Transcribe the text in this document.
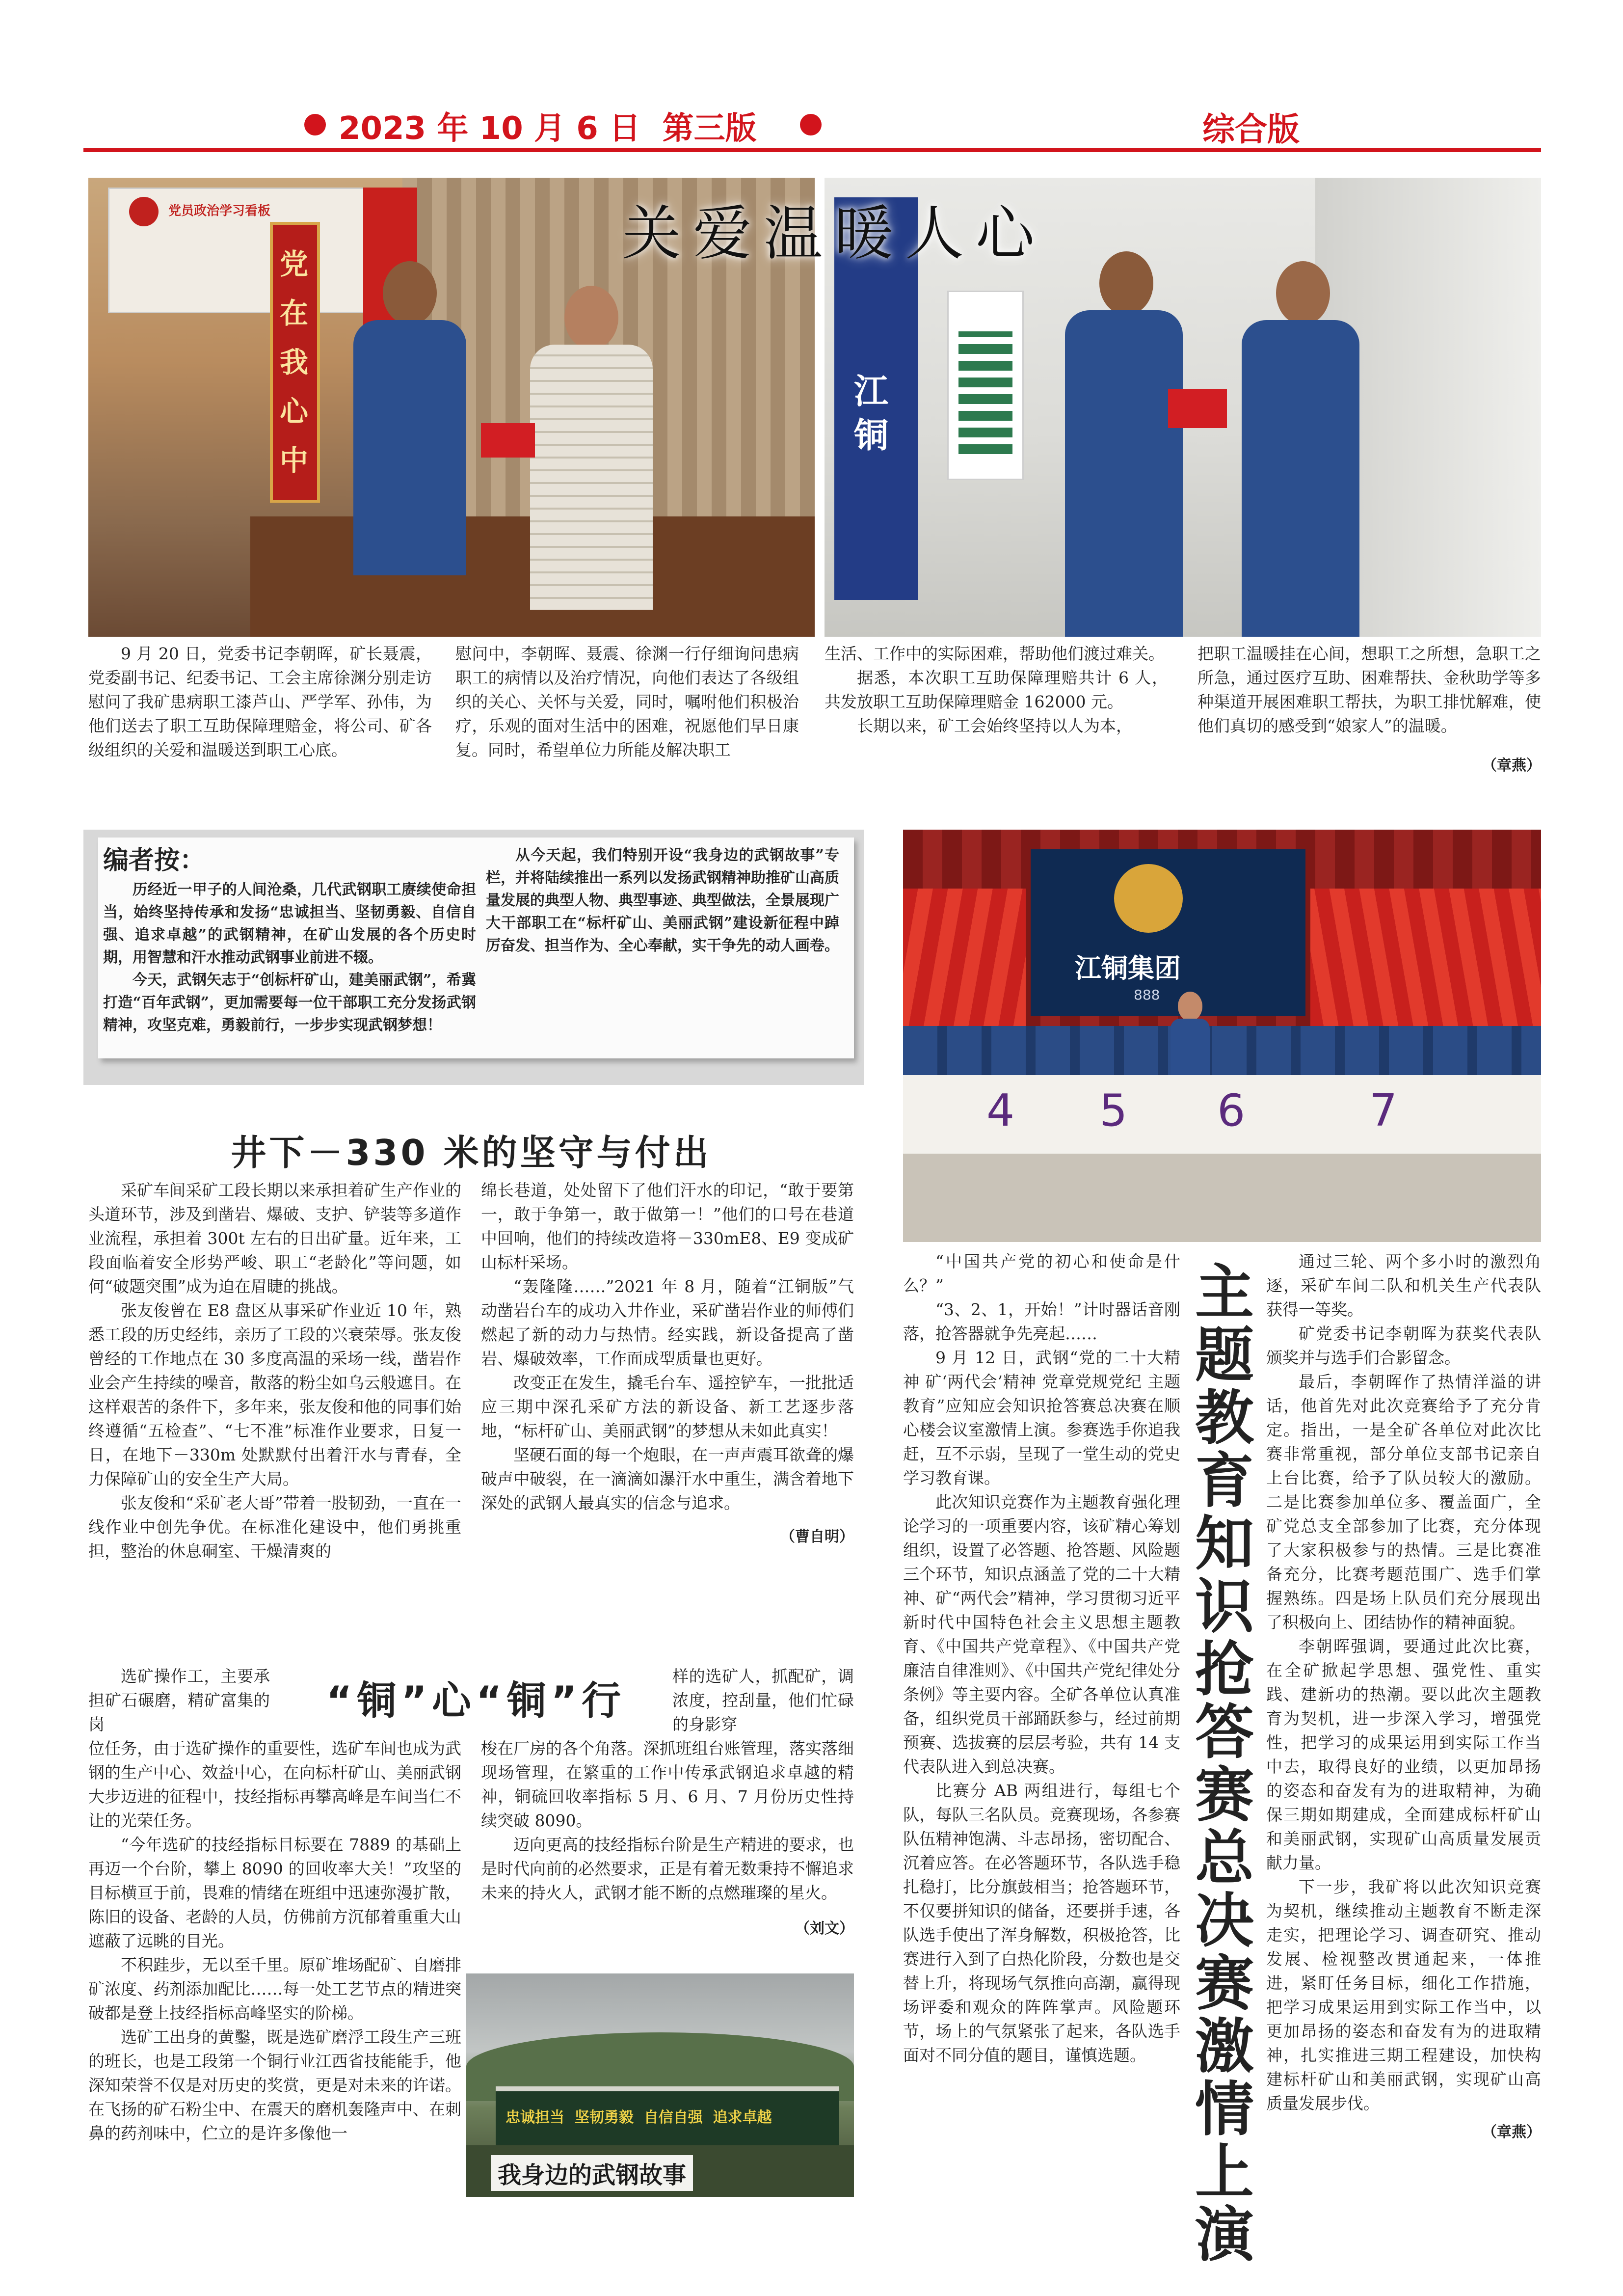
2023 年 10 月 6 日  第三版	综合版
党员政治学习看板
党在我心中
江铜
关爱温暖人心

9 月 20 日，党委书记李朝晖，矿长聂震，党委副书记、纪委书记、工会主席徐渊分别走访慰问了我矿患病职工漆芦山、严学军、孙伟，为他们送去了职工互助保障理赔金，将公司、矿各级组织的关爱和温暖送到职工心底。

慰问中，李朝晖、聂震、徐渊一行仔细询问患病职工的病情以及治疗情况，向他们表达了各级组织的关心、关怀与关爱，同时，嘱咐他们积极治疗，乐观的面对生活中的困难，祝愿他们早日康复。同时，希望单位力所能及解决职工

生活、工作中的实际困难，帮助他们渡过难关。

据悉，本次职工互助保障理赔共计 6 人，共发放职工互助保障理赔金 162000 元。

长期以来，矿工会始终坚持以人为本，

把职工温暖挂在心间，想职工之所想，急职工之所急，通过医疗互助、困难帮扶、金秋助学等多种渠道开展困难职工帮扶，为职工排忧解难，使他们真切的感受到“娘家人”的温暖。

（章燕）
编者按：

历经近一甲子的人间沧桑，几代武钢职工赓续使命担当，始终坚持传承和发扬“忠诚担当、坚韧勇毅、自信自强、追求卓越”的武钢精神，在矿山发展的各个历史时期，用智慧和汗水推动武钢事业前进不辍。

今天，武钢矢志于“创标杆矿山，建美丽武钢”，希冀打造“百年武钢”，更加需要每一位干部职工充分发扬武钢精神，攻坚克难，勇毅前行，一步步实现武钢梦想！

从今天起，我们特别开设“我身边的武钢故事”专栏，并将陆续推出一系列以发扬武钢精神助推矿山高质量发展的典型人物、典型事迹、典型做法，全景展现广大干部职工在“标杆矿山、美丽武钢”建设新征程中踔厉奋发、担当作为、全心奉献，实干争先的动人画卷。

井下－330 米的坚守与付出

采矿车间采矿工段长期以来承担着矿生产作业的头道环节，涉及到凿岩、爆破、支护、铲装等多道作业流程，承担着 300t 左右的日出矿量。近年来，工段面临着安全形势严峻、职工“老龄化”等问题，如何“破题突围”成为迫在眉睫的挑战。

张友俊曾在 E8 盘区从事采矿作业近 10 年，熟悉工段的历史经纬，亲历了工段的兴衰荣辱。张友俊曾经的工作地点在 30 多度高温的采场一线，凿岩作业会产生持续的噪音，散落的粉尘如乌云般遮目。在这样艰苦的条件下，多年来，张友俊和他的同事们始终遵循“五检查”、“七不准”标准作业要求，日复一日，在地下－330m 处默默付出着汗水与青春，全力保障矿山的安全生产大局。

张友俊和“采矿老大哥”带着一股韧劲，一直在一线作业中创先争优。在标准化建设中，他们勇挑重担，整治的休息硐室、干燥清爽的

绵长巷道，处处留下了他们汗水的印记，“敢于要第一，敢于争第一，敢于做第一！”他们的口号在巷道中回响，他们的持续改造将－330mE8、E9 变成矿山标杆采场。

“轰隆隆……”2021 年 8 月，随着“江铜版”气动凿岩台车的成功入井作业，采矿凿岩作业的师傅们燃起了新的动力与热情。经实践，新设备提高了凿岩、爆破效率，工作面成型质量也更好。

改变正在发生，撬毛台车、遥控铲车，一批批适应三期中深孔采矿方法的新设备、新工艺逐步落地，“标杆矿山、美丽武钢”的梦想从未如此真实！

坚硬石面的每一个炮眼，在一声声震耳欲聋的爆破声中破裂，在一滴滴如瀑汗水中重生，满含着地下深处的武钢人最真实的信念与追求。

（曹自明）
“铜”心“铜”行

选矿操作工，主要承担矿石碾磨，精矿富集的岗

样的选矿人，抓配矿，调浓度，控刮量，他们忙碌的身影穿

位任务，由于选矿操作的重要性，选矿车间也成为武钢的生产中心、效益中心，在向标杆矿山、美丽武钢大步迈进的征程中，技经指标再攀高峰是车间当仁不让的光荣任务。

“今年选矿的技经指标目标要在 7889 的基础上再迈一个台阶，攀上 8090 的回收率大关！”攻坚的目标横亘于前，畏难的情绪在班组中迅速弥漫扩散，陈旧的设备、老龄的人员，仿佛前方沉郁着重重大山遮蔽了远眺的目光。

不积跬步，无以至千里。原矿堆场配矿、自磨排矿浓度、药剂添加配比……每一处工艺节点的精进突破都是登上技经指标高峰坚实的阶梯。

选矿工出身的黄鑿，既是选矿磨浮工段生产三班的班长，也是工段第一个铜行业江西省技能能手，他深知荣誉不仅是对历史的奖赏，更是对未来的许诺。在飞扬的矿石粉尘中、在震天的磨机轰隆声中、在刺鼻的药剂味中，伫立的是许多像他一

梭在厂房的各个角落。深抓班组台账管理，落实落细现场管理，在繁重的工作中传承武钢追求卓越的精神，铜硫回收率指标 5 月、6 月、7 月份历史性持续突破 8090。

迈向更高的技经指标台阶是生产精进的要求，也是时代向前的必然要求，正是有着无数秉持不懈追求未来的持火人，武钢才能不断的点燃璀璨的星火。

（刘文）
忠诚担当  坚韧勇毅  自信自强  追求卓越
我身边的武钢故事
江铜集团
888
4 5 6	7
主题教育知识抢答赛总决赛激情上演

“中国共产党的初心和使命是什么？”

“3、2、1，开始！”计时器话音刚落，抢答器就争先亮起……

9 月 12 日，武钢“党的二十大精神 矿‘两代会’精神 党章党规党纪 主题教育”应知应会知识抢答赛总决赛在顺心楼会议室激情上演。参赛选手你追我赶，互不示弱，呈现了一堂生动的党史学习教育课。

此次知识竞赛作为主题教育强化理论学习的一项重要内容，该矿精心筹划组织，设置了必答题、抢答题、风险题三个环节，知识点涵盖了党的二十大精神、矿“两代会”精神，学习贯彻习近平新时代中国特色社会主义思想主题教育、《中国共产党章程》、《中国共产党廉洁自律准则》、《中国共产党纪律处分条例》等主要内容。全矿各单位认真准备，组织党员干部踊跃参与，经过前期预赛、选拔赛的层层考验，共有 14 支代表队进入到总决赛。

比赛分 AB 两组进行，每组七个队，每队三名队员。竞赛现场，各参赛队伍精神饱满、斗志昂扬，密切配合、沉着应答。在必答题环节，各队选手稳扎稳打，比分旗鼓相当；抢答题环节，不仅要拼知识的储备，还要拼手速，各队选手使出了浑身解数，积极抢答，比赛进行入到了白热化阶段，分数也是交替上升，将现场气氛推向高潮，赢得现场评委和观众的阵阵掌声。风险题环节，场上的气氛紧张了起来，各队选手面对不同分值的题目，谨慎选题。

通过三轮、两个多小时的激烈角逐，采矿车间二队和机关生产代表队获得一等奖。

矿党委书记李朝晖为获奖代表队颁奖并与选手们合影留念。

最后，李朝晖作了热情洋溢的讲话，他首先对此次竞赛给予了充分肯定。指出，一是全矿各单位对此次比赛非常重视，部分单位支部书记亲自上台比赛，给予了队员较大的激励。二是比赛参加单位多、覆盖面广，全矿党总支全部参加了比赛，充分体现了大家积极参与的热情。三是比赛准备充分，比赛考题范围广、选手们掌握熟练。四是场上队员们充分展现出了积极向上、团结协作的精神面貌。

李朝晖强调，要通过此次比赛，在全矿掀起学思想、强党性、重实践、建新功的热潮。要以此次主题教育为契机，进一步深入学习，增强党性，把学习的成果运用到实际工作当中去，取得良好的业绩，以更加昂扬的姿态和奋发有为的进取精神，为确保三期如期建成，全面建成标杆矿山和美丽武钢，实现矿山高质量发展贡献力量。

下一步，我矿将以此次知识竞赛为契机，继续推动主题教育不断走深走实，把理论学习、调查研究、推动发展、检视整改贯通起来，一体推进，紧盯任务目标，细化工作措施，把学习成果运用到实际工作当中，以更加昂扬的姿态和奋发有为的进取精神，扎实推进三期工程建设，加快构建标杆矿山和美丽武钢，实现矿山高质量发展步伐。

（章燕）
